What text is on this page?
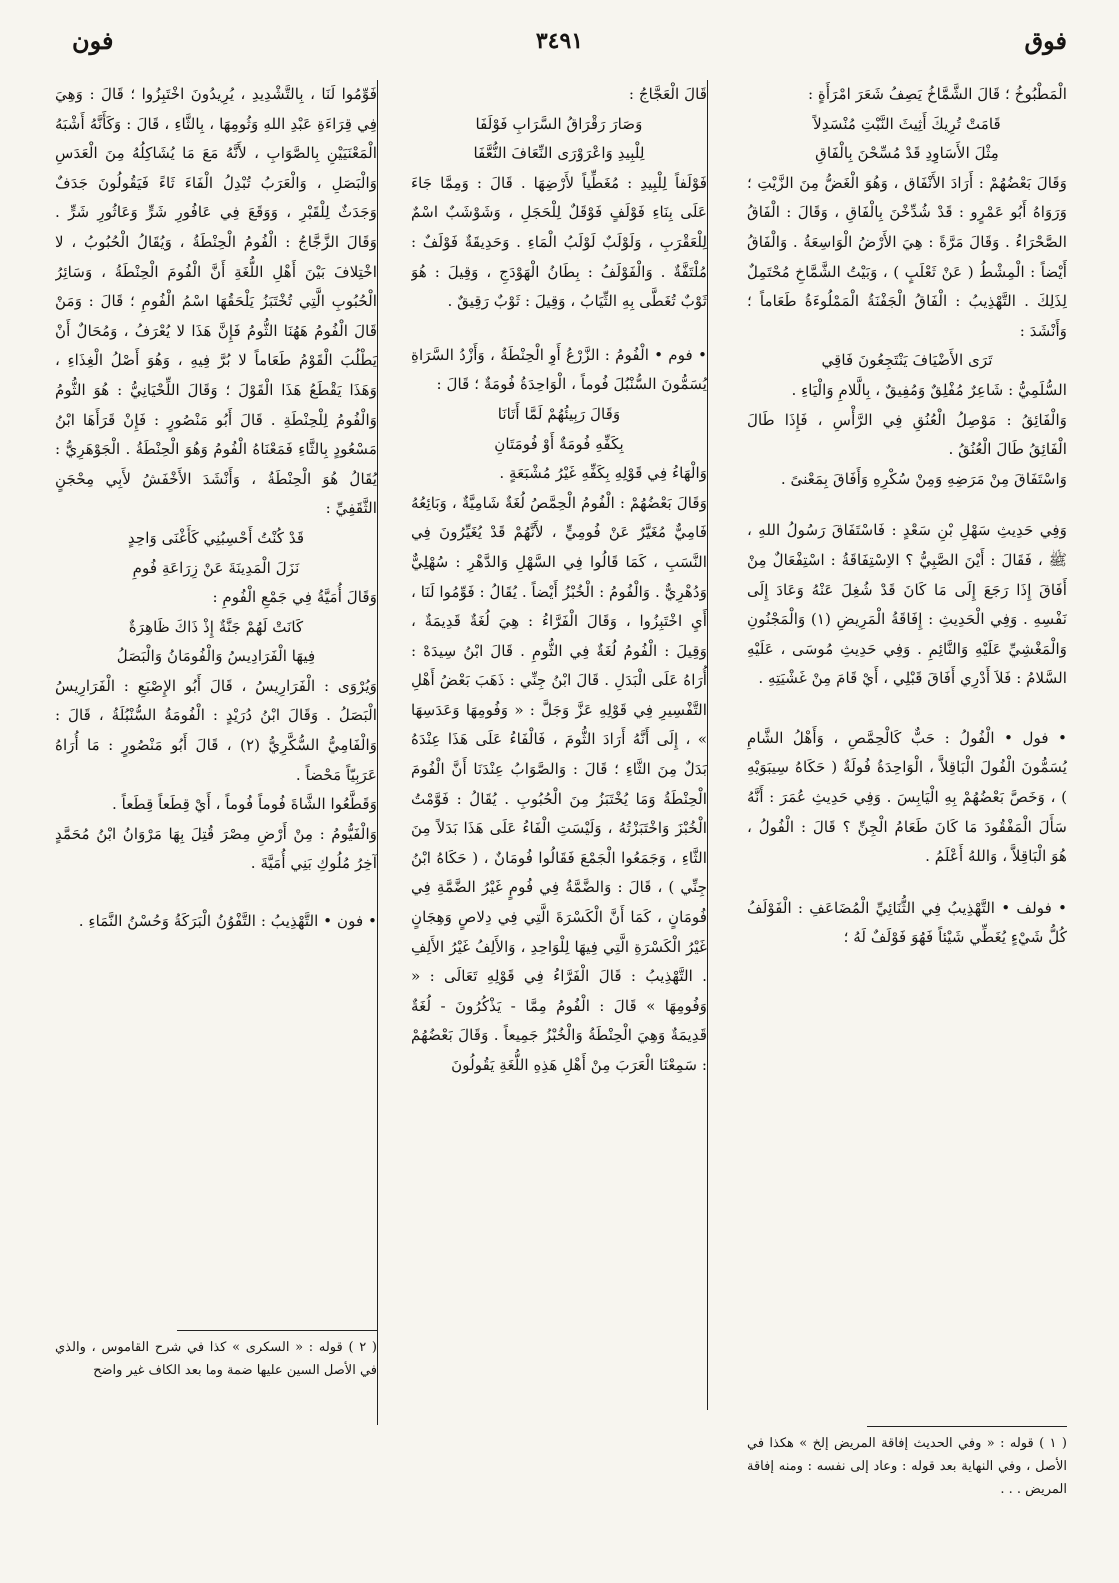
فوق
٣٤٩١
فون

الْمَطْبُوخُ ؛ قَالَ الشَّمَّاخُ يَصِفُ شَعَرَ امْرَأَةٍ :

قَامَتْ تُرِيكَ أَثِيثَ النَّبْتِ مُنْسَدِلاً

مِثْلَ الأَسَاوِدِ قَدْ مُسِّحْنَ بِالْفَاقِ

وَقَالَ بَعْضُهُمْ : أَرَادَ الأَنْفَاق ، وَهُوَ الْغَضُّ مِنَ الزَّيْتِ ؛ وَرَوَاهُ أَبُو عَمْرٍو : قَدْ شُدِّخْنَ بِالْفَاقِ ، وَقَالَ : الْفَاقُ الصَّحْرَاءُ . وَقَالَ مَرَّةً : هِيَ الأَرْضُ الْوَاسِعَةُ . وَالْفَاقُ أَيْضاً : الْمِشْطُ ( عَنْ ثَعْلَبٍ ) ، وَبَيْتُ الشَّمَّاخِ مُحْتَمِلٌ لِذَلِكَ . التَّهْذِيبُ : الْفَاقُ الْجَفْنَةُ الْمَمْلُوءَةُ طَعَاماً ؛ وَأَنْشَدَ :

تَرَى الأَضْيَافَ يَنْتَجِعُونَ فَاقِي

السُّلَمِيُّ : شَاعِرٌ مُفْلِقٌ وَمُفِيقٌ ، بِالَّلامِ وَالْيَاءِ .

وَالْفَائِقُ : مَوْصِلُ الْعُنُقِ فِي الرَّأْسِ ، فَإِذَا طَالَ الْفَائِقُ طَالَ الْعُنُقُ .

وَاسْتَفَاقَ مِنْ مَرَضِهِ وَمِنْ سُكْرِهِ وَأَفَاقَ بِمَعْنىً .

وَفِي حَدِيثِ سَهْلِ بْنِ سَعْدٍ : فَاسْتَفَاقَ رَسُولُ اللهِ ، ﷺ ، فَقَالَ : أَيْنَ الصَّبِيُّ ؟ الاِسْتِفَاقَةُ : اسْتِفْعَالٌ مِنْ أَفَاقَ إِذَا رَجَعَ إِلَى مَا كَانَ قَدْ شُغِلَ عَنْهُ وَعَادَ إِلَى نَفْسِهِ . وَفِي الْحَدِيثِ : إِفَاقَةُ الْمَرِيضِ (١) وَالْمَجْنُونِ وَالْمَغْشِيِّ عَلَيْهِ وَالنَّائِمِ . وَفِي حَدِيثِ مُوسَى ، عَلَيْهِ السَّلامُ : فَلاَ أَدْرِي أَفَاقَ قَبْلِي ، أَيْ قَامَ مِنْ غَشْيَتِهِ .

• فول • الْفُولُ : حَبٌّ كَالْحِمَّصِ ، وَأَهْلُ الشَّامِ يُسَمُّونَ الْفُولَ الْبَاقِلاَّ ، الْوَاحِدَةُ فُولَةٌ ( حَكَاهُ سِيبَوَيْهِ ) ، وَخَصَّ بَعْضُهُمْ بِهِ الْيَابِسَ . وَفِي حَدِيثِ عُمَرَ : أَنَّهُ سَأَلَ الْمَفْقُودَ مَا كَانَ طَعَامُ الْجِنِّ ؟ قَالَ : الْفُولُ ، هُوَ الْبَاقِلاَّ ، وَاللهُ أَعْلَمُ .

• فولف • التَّهْذِيبُ فِي الثُّنَائِيِّ الْمُضَاعَفِ : الْفَوْلَفُ كُلُّ شَيْءٍ يُغَطِّي شَيْئاً فَهُوَ فَوْلَفٌ لَهُ ؛

قَالَ الْعَجَّاجُ :

وَصَارَ رَقْرَاقُ السَّرَابِ فَوْلَفَا

لِلْبِيدِ وَاعْرَوْرَى النِّعَافَ النُّعَّفَا

فَوْلَفاً لِلْبِيدِ : مُغَطِّياً لأَرْضِهَا . قَالَ : وَمِمَّا جَاءَ عَلَى بِنَاءِ فَوْلَفٍ فَوْقَلٌ لِلْحَجَلِ ، وَشَوْشَبٌ اسْمٌ لِلْعَقْرَبِ ، وَلَوْلَبٌ لَوْلَبُ الْمَاءِ . وَحَدِيقَةٌ فَوْلَفٌ : مُلْتَفَّةٌ . وَالْفَوْلَفُ : بِطَانُ الْهَوْدَجِ ، وَقِيلَ : هُوَ ثَوْبٌ تُغَطَّى بِهِ الثِّيَابُ ، وَقِيلَ : ثَوْبٌ رَقِيقٌ .

• فوم • الْفُومُ : الزَّرْعُ أَوِ الْحِنْطَةُ ، وَأَزْدُ السَّرَاةِ يُسَمُّونَ السُّنْبُلَ فُوماً ، الْوَاحِدَةُ فُومَةٌ ؛ قَالَ :

وَقَالَ رَبِيئُهُمْ لَمَّا أَتَانَا

بِكَفِّهِ فُومَةٌ أَوْ فُومَتَانِ

وَالْهَاءُ فِي قَوْلِهِ بِكَفِّهِ غَيْرُ مُشْبَعَةٍ .

وَقَالَ بَعْضُهُمْ : الْفُومُ الْحِمَّصُ لُغَةٌ شَامِيَّةٌ ، وَبَائِعُهُ فَامِيٌّ مُغَيَّرٌ عَنْ فُومِيٍّ ، لأَنَّهُمْ قَدْ يُغَيِّرُونَ فِي النَّسَبِ ، كَمَا قَالُوا فِي السَّهْلِ وَالدَّهْرِ : سُهْلِيٌّ وَدُهْرِيٌّ . وَالْفُومُ : الْخُبْزُ أَيْضاً . يُقَالُ : فَوِّمُوا لَنَا ، أَيِ اخْتَبِزُوا ، وَقَالَ الْفَرَّاءُ : هِيَ لُغَةٌ قَدِيمَةٌ ، وَقِيلَ : الْفُومُ لُغَةٌ فِي الثُّومِ . قَالَ ابْنُ سِيدَهْ : أُرَاهُ عَلَى الْبَدَلِ . قَالَ ابْنُ جِنِّي : ذَهَبَ بَعْضُ أَهْلِ التَّفْسِيرِ فِي قَوْلِهِ عَزَّ وَجَلَّ : « وَفُومِهَا وَعَدَسِهَا » ، إِلَى أَنَّهُ أَرَادَ الثُّومَ ، فَالْفَاءُ عَلَى هَذَا عِنْدَهُ بَدَلٌ مِنَ الثَّاءِ ؛ قَالَ : وَالصَّوَابُ عِنْدَنَا أَنَّ الْفُومَ الْحِنْطَةُ وَمَا يُخْتَبَزُ مِنَ الْحُبُوبِ . يُقَالُ : فَوَّمْتُ الْخُبْزَ وَاخْتَبَزْتُهُ ، وَلَيْسَتِ الْفَاءُ عَلَى هَذَا بَدَلاً مِنَ الثَّاءِ ، وَجَمَعُوا الْجَمْعَ فَقَالُوا فُومَانٌ ، ( حَكَاهُ ابْنُ جِنِّي ) ، قَالَ : وَالضَّمَّةُ فِي فُومٍ غَيْرُ الضَّمَّةِ فِي فُومَانٍ ، كَمَا أَنَّ الْكَسْرَةَ الَّتِي فِي دِلاصٍ وَهِجَانٍ غَيْرُ الْكَسْرَةِ الَّتِي فِيهَا لِلْوَاحِدِ ، وَالأَلِفُ غَيْرُ الأَلِفِ . التَّهْذِيبُ : قَالَ الْفَرَّاءُ فِي قَوْلِهِ تَعَالَى : « وَفُومِهَا » قَالَ : الْفُومُ مِمَّا - يَذْكُرُونَ - لُغَةٌ قَدِيمَةٌ وَهِيَ الْحِنْطَةُ وَالْخُبْزُ جَمِيعاً . وَقَالَ بَعْضُهُمْ : سَمِعْنَا الْعَرَبَ مِنْ أَهْلِ هَذِهِ اللُّغَةِ يَقُولُونَ

فَوِّمُوا لَنَا ، بِالتَّشْدِيدِ ، يُرِيدُونَ اخْتَبِزُوا ؛ قَالَ : وَهِيَ فِي قِرَاءَةِ عَبْدِ اللهِ وَثُومِهَا ، بِالثَّاءِ ، قَالَ : وَكَأَنَّهُ أَشْبَهُ الْمَعْنَيَيْنِ بِالصَّوَابِ ، لأَنَّهُ مَعَ مَا يُشَاكِلُهُ مِنَ الْعَدَسِ وَالْبَصَلِ ، وَالْعَرَبُ تُبْدِلُ الْفَاءَ ثَاءً فَيَقُولُونَ جَدَفٌ وَجَدَثٌ لِلْقَبْرِ ، وَوَقَعَ فِي عَافُورِ شَرٍّ وَعَاثُورِ شَرٍّ . وَقَالَ الزَّجَّاجُ : الْفُومُ الْحِنْطَةُ ، وَيُقَالُ الْحُبُوبُ ، لا اخْتِلافَ بَيْنَ أَهْلِ اللُّغَةِ أَنَّ الْفُومَ الْحِنْطَةُ ، وَسَائِرُ الْحُبُوبِ الَّتِي تُخْتَبَزُ يَلْحَقُهَا اسْمُ الْفُومِ ؛ قَالَ : وَمَنْ قَالَ الْفُومُ هَهُنَا الثُّومُ فَإِنَّ هَذَا لا يُعْرَفُ ، وَمُحَالٌ أَنْ يَطْلُبَ الْقَوْمُ طَعَاماً لا بُرَّ فِيهِ ، وَهُوَ أَصْلُ الْغِذَاءِ ، وَهَذَا يَقْطَعُ هَذَا الْقَوْلَ ؛ وَقَالَ اللِّحْيَانِيُّ : هُوَ الثُّومُ وَالْفُومُ لِلْحِنْطَةِ . قَالَ أَبُو مَنْصُورٍ : فَإِنْ قَرَأَهَا ابْنُ مَسْعُودٍ بِالثَّاءِ فَمَعْنَاهُ الْفُومُ وَهُوَ الْحِنْطَةُ . الْجَوْهَرِيُّ : يُقَالُ هُوَ الْحِنْطَةُ ، وَأَنْشَدَ الأَخْفَشُ لأَبِي مِحْجَنٍ الثَّقَفِيِّ :

قَدْ كُنْتُ أَحْسِبُنِي كَأَغْنَى وَاحِدٍ

نَزَلَ الْمَدِينَةَ عَنْ زِرَاعَةِ فُومِ

وَقَالَ أُمَيَّةُ فِي جَمْعِ الْفُومِ :

كَانَتْ لَهُمْ جَنَّةٌ إِذْ ذَاكَ ظَاهِرَةٌ

فِيهَا الْفَرَادِيسُ وَالْفُومَانُ وَالْبَصَلُ

وَيُرْوَى : الْفَرَارِيسُ ، قَالَ أَبُو الإِصْبَعِ : الْفَرَارِيسُ الْبَصَلُ . وَقَالَ ابْنُ دُرَيْدٍ : الْفُومَةُ السُّنْبُلَةُ ، قَالَ : وَالْفَامِيُّ السُّكَّرِيُّ (٢) ، قَالَ أَبُو مَنْصُورٍ : مَا أُرَاهُ عَرَبِيّاً مَحْضاً .

وَقَطَّعُوا الشَّاةَ فُوماً فُوماً ، أَيْ قِطَعاً قِطَعاً .

وَالْفَيُّومُ : مِنْ أَرْضِ مِصْرَ قُتِلَ بِهَا مَرْوَانُ ابْنُ مُحَمَّدٍ آخِرُ مُلُوكِ بَنِي أُمَيَّةَ .

• فون • التَّهْذِيبُ : التَّفْوُنُ الْبَرَكَةُ وَحُسْنُ النَّمَاءِ .

( ١ ) قوله : « وفي الحديث إفاقة المريض إلخ » هكذا في الأصل ، وفي النهاية بعد قوله : وعاد إلى نفسه : ومنه إفاقة المريض . . .
( ٢ ) قوله : « السكرى » كذا في شرح القاموس ، والذي في الأصل السين عليها ضمة وما بعد الكاف غير واضح
